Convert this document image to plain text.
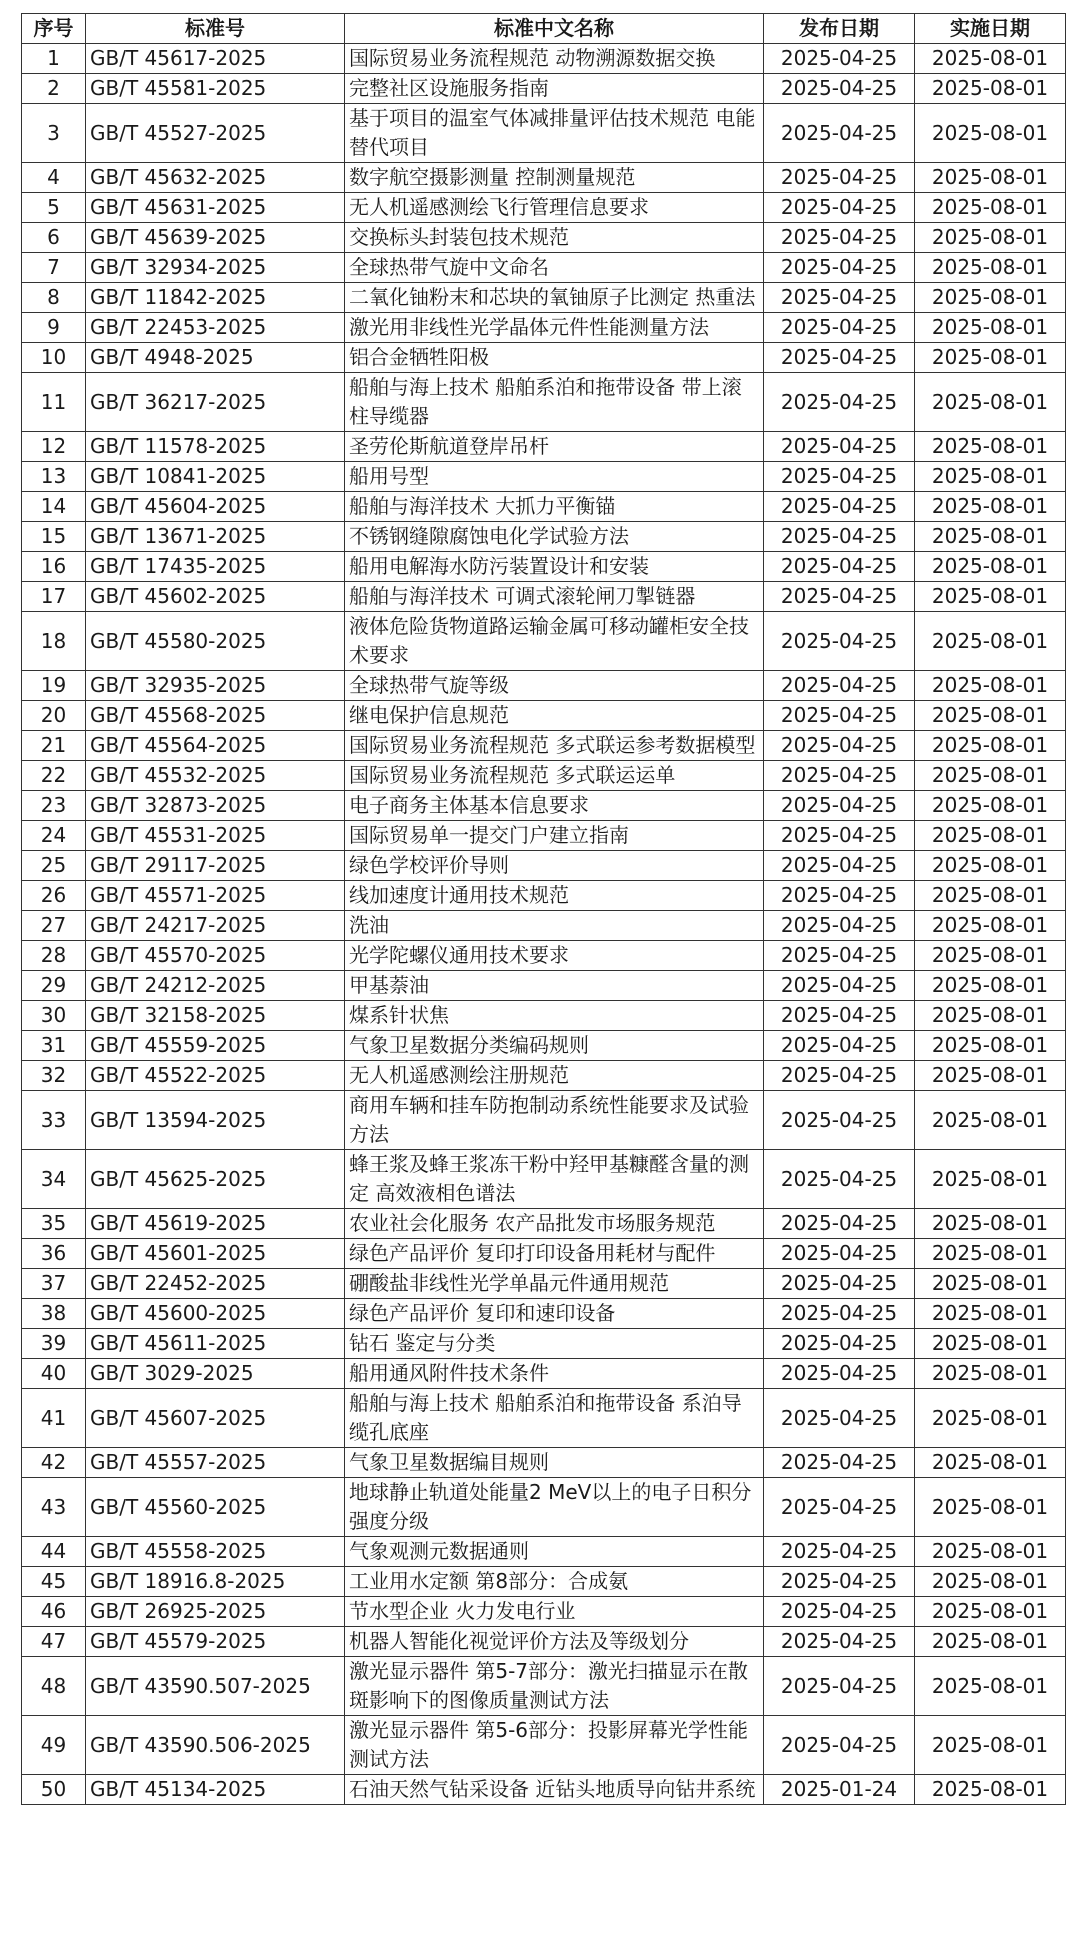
序号	标准号	标准中文名称	发布日期	实施日期
1	GB/T 45617-2025	国际贸易业务流程规范 动物溯源数据交换	2025-04-25	2025-08-01
2	GB/T 45581-2025	完整社区设施服务指南	2025-04-25	2025-08-01
3	GB/T 45527-2025	基于项目的温室气体减排量评估技术规范 电能替代项目	2025-04-25	2025-08-01
4	GB/T 45632-2025	数字航空摄影测量 控制测量规范	2025-04-25	2025-08-01
5	GB/T 45631-2025	无人机遥感测绘飞行管理信息要求	2025-04-25	2025-08-01
6	GB/T 45639-2025	交换标头封装包技术规范	2025-04-25	2025-08-01
7	GB/T 32934-2025	全球热带气旋中文命名	2025-04-25	2025-08-01
8	GB/T 11842-2025	二氧化铀粉末和芯块的氧铀原子比测定 热重法	2025-04-25	2025-08-01
9	GB/T 22453-2025	激光用非线性光学晶体元件性能测量方法	2025-04-25	2025-08-01
10	GB/T 4948-2025	铝合金牺牲阳极	2025-04-25	2025-08-01
11	GB/T 36217-2025	船舶与海上技术 船舶系泊和拖带设备 带上滚柱导缆器	2025-04-25	2025-08-01
12	GB/T 11578-2025	圣劳伦斯航道登岸吊杆	2025-04-25	2025-08-01
13	GB/T 10841-2025	船用号型	2025-04-25	2025-08-01
14	GB/T 45604-2025	船舶与海洋技术 大抓力平衡锚	2025-04-25	2025-08-01
15	GB/T 13671-2025	不锈钢缝隙腐蚀电化学试验方法	2025-04-25	2025-08-01
16	GB/T 17435-2025	船用电解海水防污装置设计和安装	2025-04-25	2025-08-01
17	GB/T 45602-2025	船舶与海洋技术 可调式滚轮闸刀掣链器	2025-04-25	2025-08-01
18	GB/T 45580-2025	液体危险货物道路运输金属可移动罐柜安全技术要求	2025-04-25	2025-08-01
19	GB/T 32935-2025	全球热带气旋等级	2025-04-25	2025-08-01
20	GB/T 45568-2025	继电保护信息规范	2025-04-25	2025-08-01
21	GB/T 45564-2025	国际贸易业务流程规范 多式联运参考数据模型	2025-04-25	2025-08-01
22	GB/T 45532-2025	国际贸易业务流程规范 多式联运运单	2025-04-25	2025-08-01
23	GB/T 32873-2025	电子商务主体基本信息要求	2025-04-25	2025-08-01
24	GB/T 45531-2025	国际贸易单一提交门户建立指南	2025-04-25	2025-08-01
25	GB/T 29117-2025	绿色学校评价导则	2025-04-25	2025-08-01
26	GB/T 45571-2025	线加速度计通用技术规范	2025-04-25	2025-08-01
27	GB/T 24217-2025	洗油	2025-04-25	2025-08-01
28	GB/T 45570-2025	光学陀螺仪通用技术要求	2025-04-25	2025-08-01
29	GB/T 24212-2025	甲基萘油	2025-04-25	2025-08-01
30	GB/T 32158-2025	煤系针状焦	2025-04-25	2025-08-01
31	GB/T 45559-2025	气象卫星数据分类编码规则	2025-04-25	2025-08-01
32	GB/T 45522-2025	无人机遥感测绘注册规范	2025-04-25	2025-08-01
33	GB/T 13594-2025	商用车辆和挂车防抱制动系统性能要求及试验方法	2025-04-25	2025-08-01
34	GB/T 45625-2025	蜂王浆及蜂王浆冻干粉中羟甲基糠醛含量的测定 高效液相色谱法	2025-04-25	2025-08-01
35	GB/T 45619-2025	农业社会化服务 农产品批发市场服务规范	2025-04-25	2025-08-01
36	GB/T 45601-2025	绿色产品评价 复印打印设备用耗材与配件	2025-04-25	2025-08-01
37	GB/T 22452-2025	硼酸盐非线性光学单晶元件通用规范	2025-04-25	2025-08-01
38	GB/T 45600-2025	绿色产品评价 复印和速印设备	2025-04-25	2025-08-01
39	GB/T 45611-2025	钻石 鉴定与分类	2025-04-25	2025-08-01
40	GB/T 3029-2025	船用通风附件技术条件	2025-04-25	2025-08-01
41	GB/T 45607-2025	船舶与海上技术 船舶系泊和拖带设备 系泊导缆孔底座	2025-04-25	2025-08-01
42	GB/T 45557-2025	气象卫星数据编目规则	2025-04-25	2025-08-01
43	GB/T 45560-2025	地球静止轨道处能量2 MeV以上的电子日积分强度分级	2025-04-25	2025-08-01
44	GB/T 45558-2025	气象观测元数据通则	2025-04-25	2025-08-01
45	GB/T 18916.8-2025	工业用水定额 第8部分：合成氨	2025-04-25	2025-08-01
46	GB/T 26925-2025	节水型企业 火力发电行业	2025-04-25	2025-08-01
47	GB/T 45579-2025	机器人智能化视觉评价方法及等级划分	2025-04-25	2025-08-01
48	GB/T 43590.507-2025	激光显示器件 第5-7部分：激光扫描显示在散斑影响下的图像质量测试方法	2025-04-25	2025-08-01
49	GB/T 43590.506-2025	激光显示器件 第5-6部分：投影屏幕光学性能测试方法	2025-04-25	2025-08-01
50	GB/T 45134-2025	石油天然气钻采设备 近钻头地质导向钻井系统	2025-01-24	2025-08-01
